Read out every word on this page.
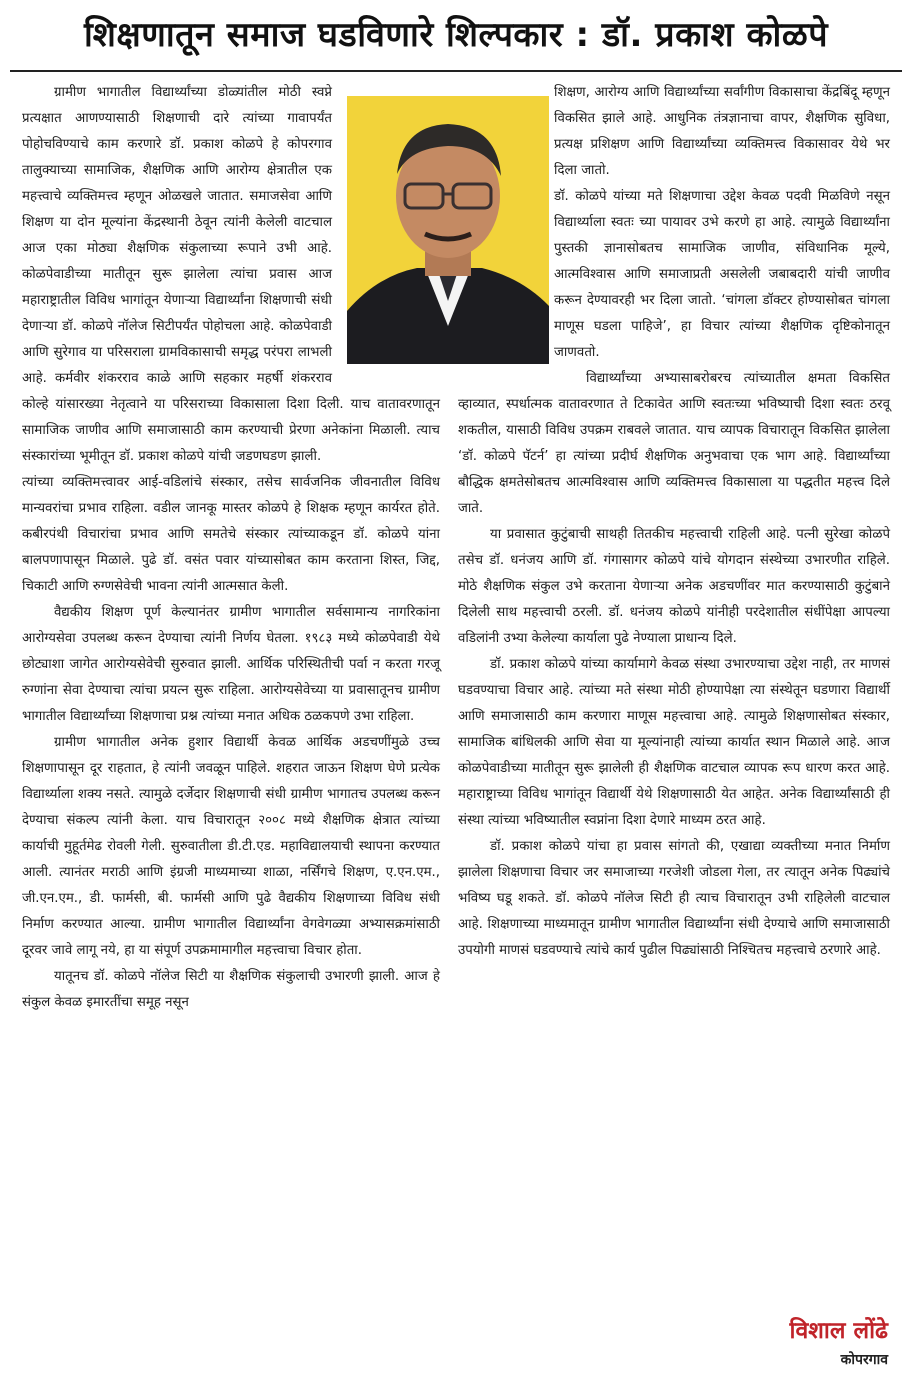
शिक्षणातून समाज घडविणारे शिल्पकार : डॉ. प्रकाश कोळपे

ग्रामीण भागातील विद्यार्थ्यांच्या डोळ्यांतील मोठी स्वप्ने प्रत्यक्षात आणण्यासाठी शिक्षणाची दारे त्यांच्या गावापर्यंत पोहोचविण्याचे काम करणारे डॉ. प्रकाश कोळपे हे कोपरगाव तालुक्याच्या सामाजिक, शैक्षणिक आणि आरोग्य क्षेत्रातील एक महत्त्वाचे व्यक्तिमत्त्व म्हणून ओळखले जातात. समाजसेवा आणि शिक्षण या दोन मूल्यांना केंद्रस्थानी ठेवून त्यांनी केलेली वाटचाल आज एका मोठ्या शैक्षणिक संकुलाच्या रूपाने उभी आहे. कोळपेवाडीच्या मातीतून सुरू झालेला त्यांचा प्रवास आज महाराष्ट्रातील विविध भागांतून येणाऱ्या विद्यार्थ्यांना शिक्षणाची संधी देणाऱ्या डॉ. कोळपे नॉलेज सिटीपर्यंत पोहोचला आहे. कोळपेवाडी आणि सुरेगाव या परिसराला ग्रामविकासाची समृद्ध परंपरा लाभली आहे. कर्मवीर शंकरराव काळे आणि सहकार महर्षी शंकरराव कोल्हे यांसारख्या नेतृत्वाने या परिसराच्या विकासाला दिशा दिली. याच वातावरणातून सामाजिक जाणीव आणि समाजासाठी काम करण्याची प्रेरणा अनेकांना मिळाली. त्याच संस्कारांच्या भूमीतून डॉ. प्रकाश कोळपे यांची जडणघडण झाली.

त्यांच्या व्यक्तिमत्त्वावर आई-वडिलांचे संस्कार, तसेच सार्वजनिक जीवनातील विविध मान्यवरांचा प्रभाव राहिला. वडील जानकू मास्तर कोळपे हे शिक्षक म्हणून कार्यरत होते. कबीरपंथी विचारांचा प्रभाव आणि समतेचे संस्कार त्यांच्याकडून डॉ. कोळपे यांना बालपणापासून मिळाले. पुढे डॉ. वसंत पवार यांच्यासोबत काम करताना शिस्त, जिद्द, चिकाटी आणि रुग्णसेवेची भावना त्यांनी आत्मसात केली.

वैद्यकीय शिक्षण पूर्ण केल्यानंतर ग्रामीण भागातील सर्वसामान्य नागरिकांना आरोग्यसेवा उपलब्ध करून देण्याचा त्यांनी निर्णय घेतला. १९८३ मध्ये कोळपेवाडी येथे छोट्याशा जागेत आरोग्यसेवेची सुरुवात झाली. आर्थिक परिस्थितीची पर्वा न करता गरजू रुग्णांना सेवा देण्याचा त्यांचा प्रयत्न सुरू राहिला. आरोग्यसेवेच्या या प्रवासातूनच ग्रामीण भागातील विद्यार्थ्यांच्या शिक्षणाचा प्रश्न त्यांच्या मनात अधिक ठळकपणे उभा राहिला.

ग्रामीण भागातील अनेक हुशार विद्यार्थी केवळ आर्थिक अडचणींमुळे उच्च शिक्षणापासून दूर राहतात, हे त्यांनी जवळून पाहिले. शहरात जाऊन शिक्षण घेणे प्रत्येक विद्यार्थ्याला शक्य नसते. त्यामुळे दर्जेदार शिक्षणाची संधी ग्रामीण भागातच उपलब्ध करून देण्याचा संकल्प त्यांनी केला. याच विचारातून २००८ मध्ये शैक्षणिक क्षेत्रात त्यांच्या कार्याची मुहूर्तमेढ रोवली गेली. सुरुवातीला डी.टी.एड. महाविद्यालयाची स्थापना करण्यात आली. त्यानंतर मराठी आणि इंग्रजी माध्यमाच्या शाळा, नर्सिंगचे शिक्षण, ए.एन.एम., जी.एन.एम., डी. फार्मसी, बी. फार्मसी आणि पुढे वैद्यकीय शिक्षणाच्या विविध संधी निर्माण करण्यात आल्या. ग्रामीण भागातील विद्यार्थ्यांना वेगवेगळ्या अभ्यासक्रमांसाठी दूरवर जावे लागू नये, हा या संपूर्ण उपक्रमामागील महत्त्वाचा विचार होता.

यातूनच डॉ. कोळपे नॉलेज सिटी या शैक्षणिक संकुलाची उभारणी झाली. आज हे संकुल केवळ इमारतींचा समूह नसून

शिक्षण, आरोग्य आणि विद्यार्थ्यांच्या सर्वांगीण विकासाचा केंद्रबिंदू म्हणून विकसित झाले आहे. आधुनिक तंत्रज्ञानाचा वापर, शैक्षणिक सुविधा, प्रत्यक्ष प्रशिक्षण आणि विद्यार्थ्यांच्या व्यक्तिमत्त्व विकासावर येथे भर दिला जातो.

डॉ. कोळपे यांच्या मते शिक्षणाचा उद्देश केवळ पदवी मिळविणे नसून विद्यार्थ्याला स्वतः च्या पायावर उभे करणे हा आहे. त्यामुळे विद्यार्थ्यांना पुस्तकी ज्ञानासोबतच सामाजिक जाणीव, संविधानिक मूल्ये, आत्मविश्वास आणि समाजाप्रती असलेली जबाबदारी यांची जाणीव करून देण्यावरही भर दिला जातो. ‘चांगला डॉक्टर होण्यासोबत चांगला माणूस घडला पाहिजे’, हा विचार त्यांच्या शैक्षणिक दृष्टिकोनातून जाणवतो.

विद्यार्थ्यांच्या अभ्यासाबरोबरच त्यांच्यातील क्षमता विकसित व्हाव्यात, स्पर्धात्मक वातावरणात ते टिकावेत आणि स्वतःच्या भविष्याची दिशा स्वतः ठरवू शकतील, यासाठी विविध उपक्रम राबवले जातात. याच व्यापक विचारातून विकसित झालेला ‘डॉ. कोळपे पॅटर्न’ हा त्यांच्या प्रदीर्घ शैक्षणिक अनुभवाचा एक भाग आहे. विद्यार्थ्यांच्या बौद्धिक क्षमतेसोबतच आत्मविश्वास आणि व्यक्तिमत्त्व विकासाला या पद्धतीत महत्त्व दिले जाते.

या प्रवासात कुटुंबाची साथही तितकीच महत्त्वाची राहिली आहे. पत्नी सुरेखा कोळपे तसेच डॉ. धनंजय आणि डॉ. गंगासागर कोळपे यांचे योगदान संस्थेच्या उभारणीत राहिले. मोठे शैक्षणिक संकुल उभे करताना येणाऱ्या अनेक अडचणींवर मात करण्यासाठी कुटुंबाने दिलेली साथ महत्त्वाची ठरली. डॉ. धनंजय कोळपे यांनीही परदेशातील संधींपेक्षा आपल्या वडिलांनी उभ्या केलेल्या कार्याला पुढे नेण्याला प्राधान्य दिले.

डॉ. प्रकाश कोळपे यांच्या कार्यामागे केवळ संस्था उभारण्याचा उद्देश नाही, तर माणसं घडवण्याचा विचार आहे. त्यांच्या मते संस्था मोठी होण्यापेक्षा त्या संस्थेतून घडणारा विद्यार्थी आणि समाजासाठी काम करणारा माणूस महत्त्वाचा आहे. त्यामुळे शिक्षणासोबत संस्कार, सामाजिक बांधिलकी आणि सेवा या मूल्यांनाही त्यांच्या कार्यात स्थान मिळाले आहे. आज कोळपेवाडीच्या मातीतून सुरू झालेली ही शैक्षणिक वाटचाल व्यापक रूप धारण करत आहे. महाराष्ट्राच्या विविध भागांतून विद्यार्थी येथे शिक्षणासाठी येत आहेत. अनेक विद्यार्थ्यांसाठी ही संस्था त्यांच्या भविष्यातील स्वप्नांना दिशा देणारे माध्यम ठरत आहे.

डॉ. प्रकाश कोळपे यांचा हा प्रवास सांगतो की, एखाद्या व्यक्तीच्या मनात निर्माण झालेला शिक्षणाचा विचार जर समाजाच्या गरजेशी जोडला गेला, तर त्यातून अनेक पिढ्यांचे भविष्य घडू शकते. डॉ. कोळपे नॉलेज सिटी ही त्याच विचारातून उभी राहिलेली वाटचाल आहे. शिक्षणाच्या माध्यमातून ग्रामीण भागातील विद्यार्थ्यांना संधी देण्याचे आणि समाजासाठी उपयोगी माणसं घडवण्याचे त्यांचे कार्य पुढील पिढ्यांसाठी निश्चितच महत्त्वाचे ठरणारे आहे.

विशाल लोंढे
कोपरगाव
